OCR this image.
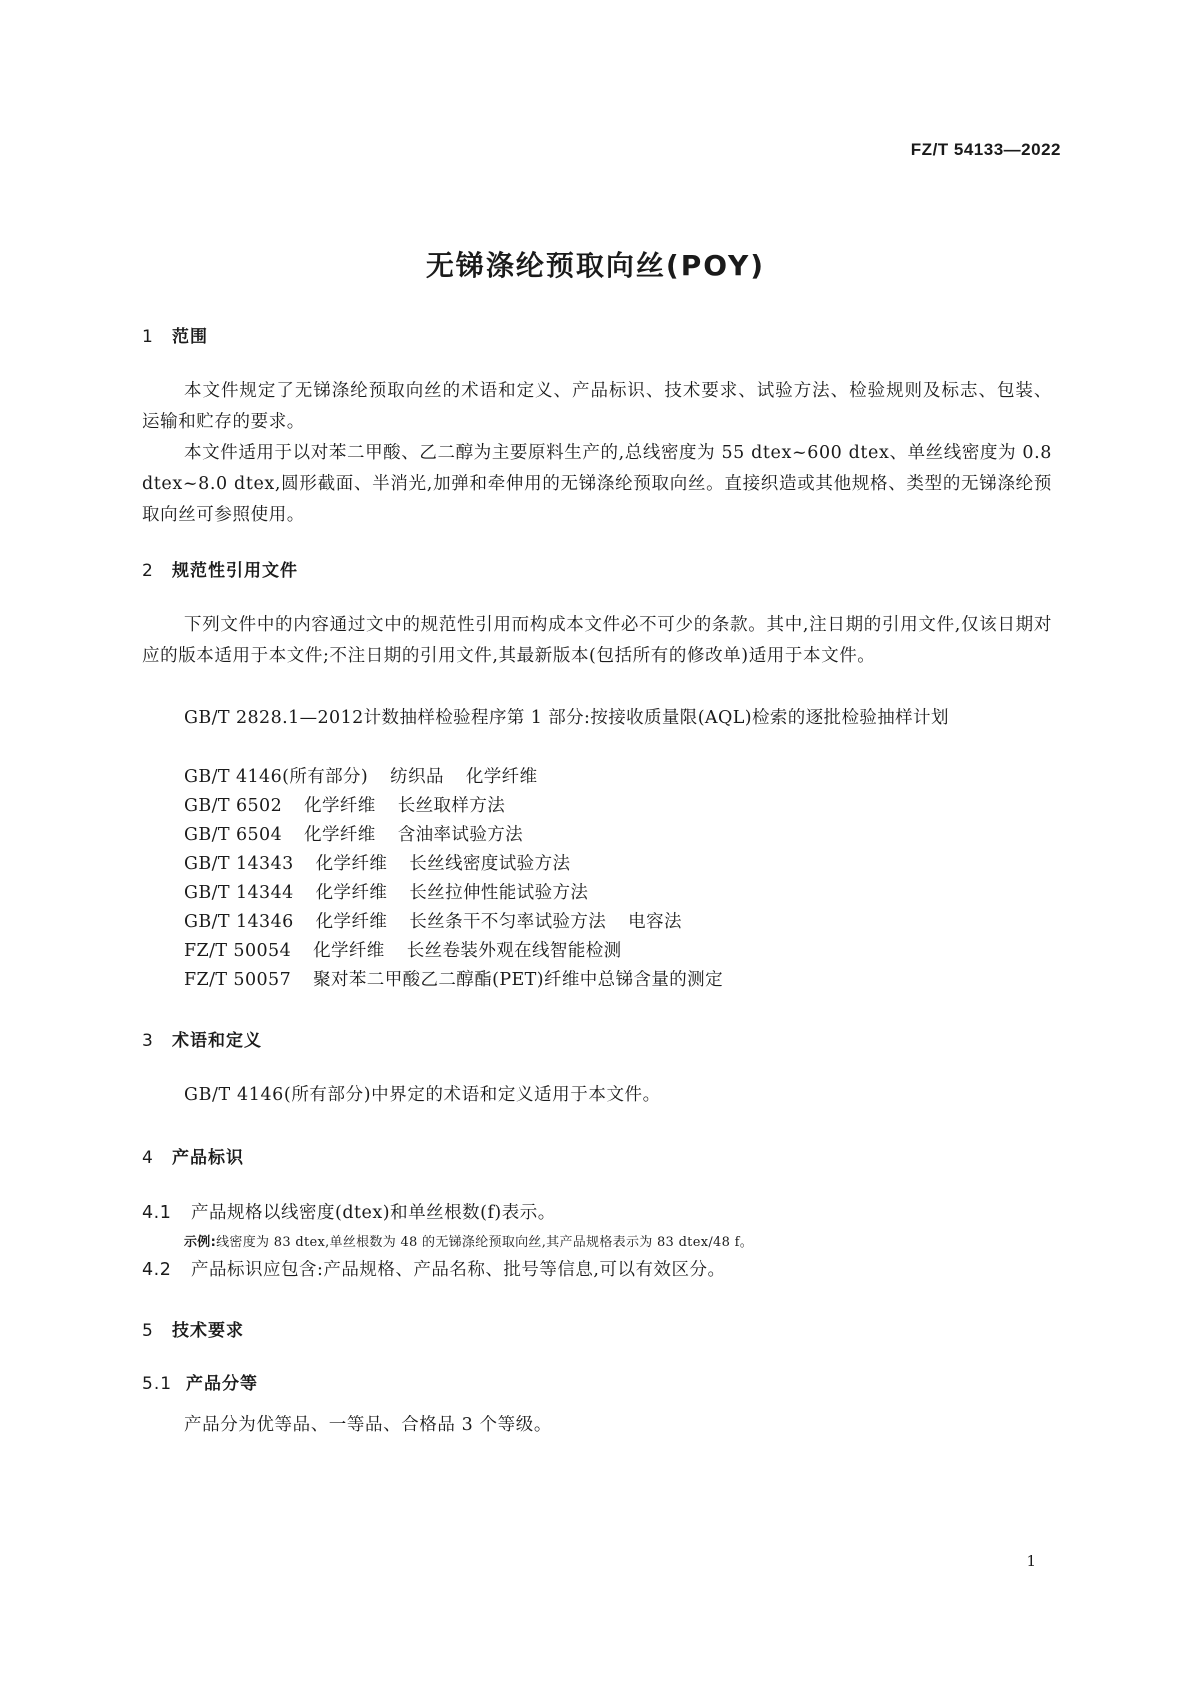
FZ/T 54133—2022
无锑涤纶预取向丝(POY)
1 范围
本文件规定了无锑涤纶预取向丝的术语和定义、产品标识、技术要求、试验方法、检验规则及标志、包装、运输和贮存的要求。
本文件适用于以对苯二甲酸、乙二醇为主要原料生产的,总线密度为 55 dtex~600 dtex、单丝线密度为 0.8 dtex~8.0 dtex,圆形截面、半消光,加弹和牵伸用的无锑涤纶预取向丝。直接织造或其他规格、类型的无锑涤纶预取向丝可参照使用。
2 规范性引用文件
下列文件中的内容通过文中的规范性引用而构成本文件必不可少的条款。其中,注日期的引用文件,仅该日期对应的版本适用于本文件;不注日期的引用文件,其最新版本(包括所有的修改单)适用于本文件。
GB/T 2828.1—2012计数抽样检验程序第 1 部分:按接收质量限(AQL)检索的逐批检验抽样计划
GB/T 4146(所有部分) 纺织品 化学纤维
GB/T 6502 化学纤维 长丝取样方法
GB/T 6504 化学纤维 含油率试验方法
GB/T 14343 化学纤维 长丝线密度试验方法
GB/T 14344 化学纤维 长丝拉伸性能试验方法
GB/T 14346 化学纤维 长丝条干不匀率试验方法 电容法
FZ/T 50054 化学纤维 长丝卷装外观在线智能检测
FZ/T 50057 聚对苯二甲酸乙二醇酯(PET)纤维中总锑含量的测定
3 术语和定义
GB/T 4146(所有部分)中界定的术语和定义适用于本文件。
4 产品标识
4.1 产品规格以线密度(dtex)和单丝根数(f)表示。
示例:线密度为 83 dtex,单丝根数为 48 的无锑涤纶预取向丝,其产品规格表示为 83 dtex/48 f。
4.2 产品标识应包含:产品规格、产品名称、批号等信息,可以有效区分。
5 技术要求
5.1 产品分等
产品分为优等品、一等品、合格品 3 个等级。
1
